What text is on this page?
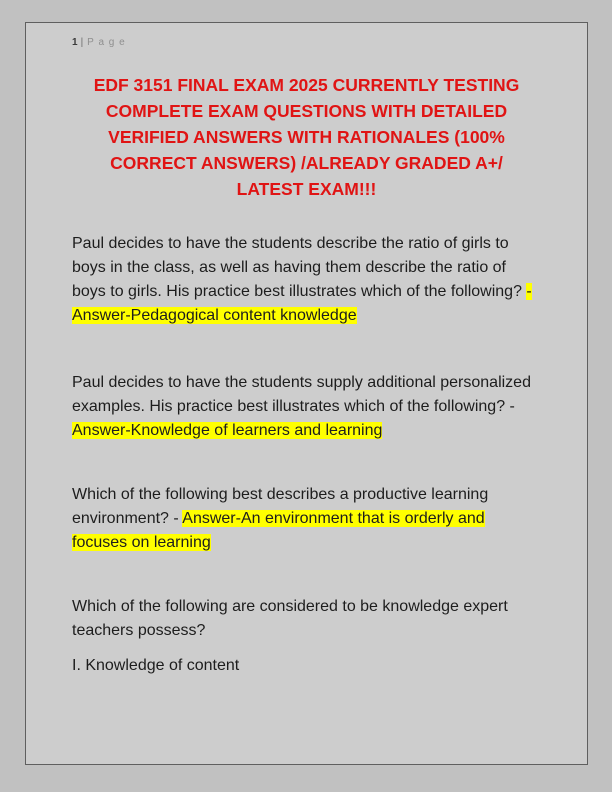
1 | P a g e
EDF 3151 FINAL EXAM 2025 CURRENTLY TESTING
COMPLETE EXAM QUESTIONS WITH DETAILED
VERIFIED ANSWERS WITH RATIONALES (100%
CORRECT ANSWERS) /ALREADY GRADED A+/
LATEST EXAM!!!

Paul decides to have the students describe the ratio of girls to boys in the class, as well as having them describe the ratio of boys to girls. His practice best illustrates which of the following? - Answer-Pedagogical content knowledge

Paul decides to have the students supply additional personalized examples. His practice best illustrates which of the following? - Answer-Knowledge of learners and learning

Which of the following best describes a productive learning environment? - Answer-An environment that is orderly and focuses on learning

Which of the following are considered to be knowledge expert teachers possess?

I. Knowledge of content
